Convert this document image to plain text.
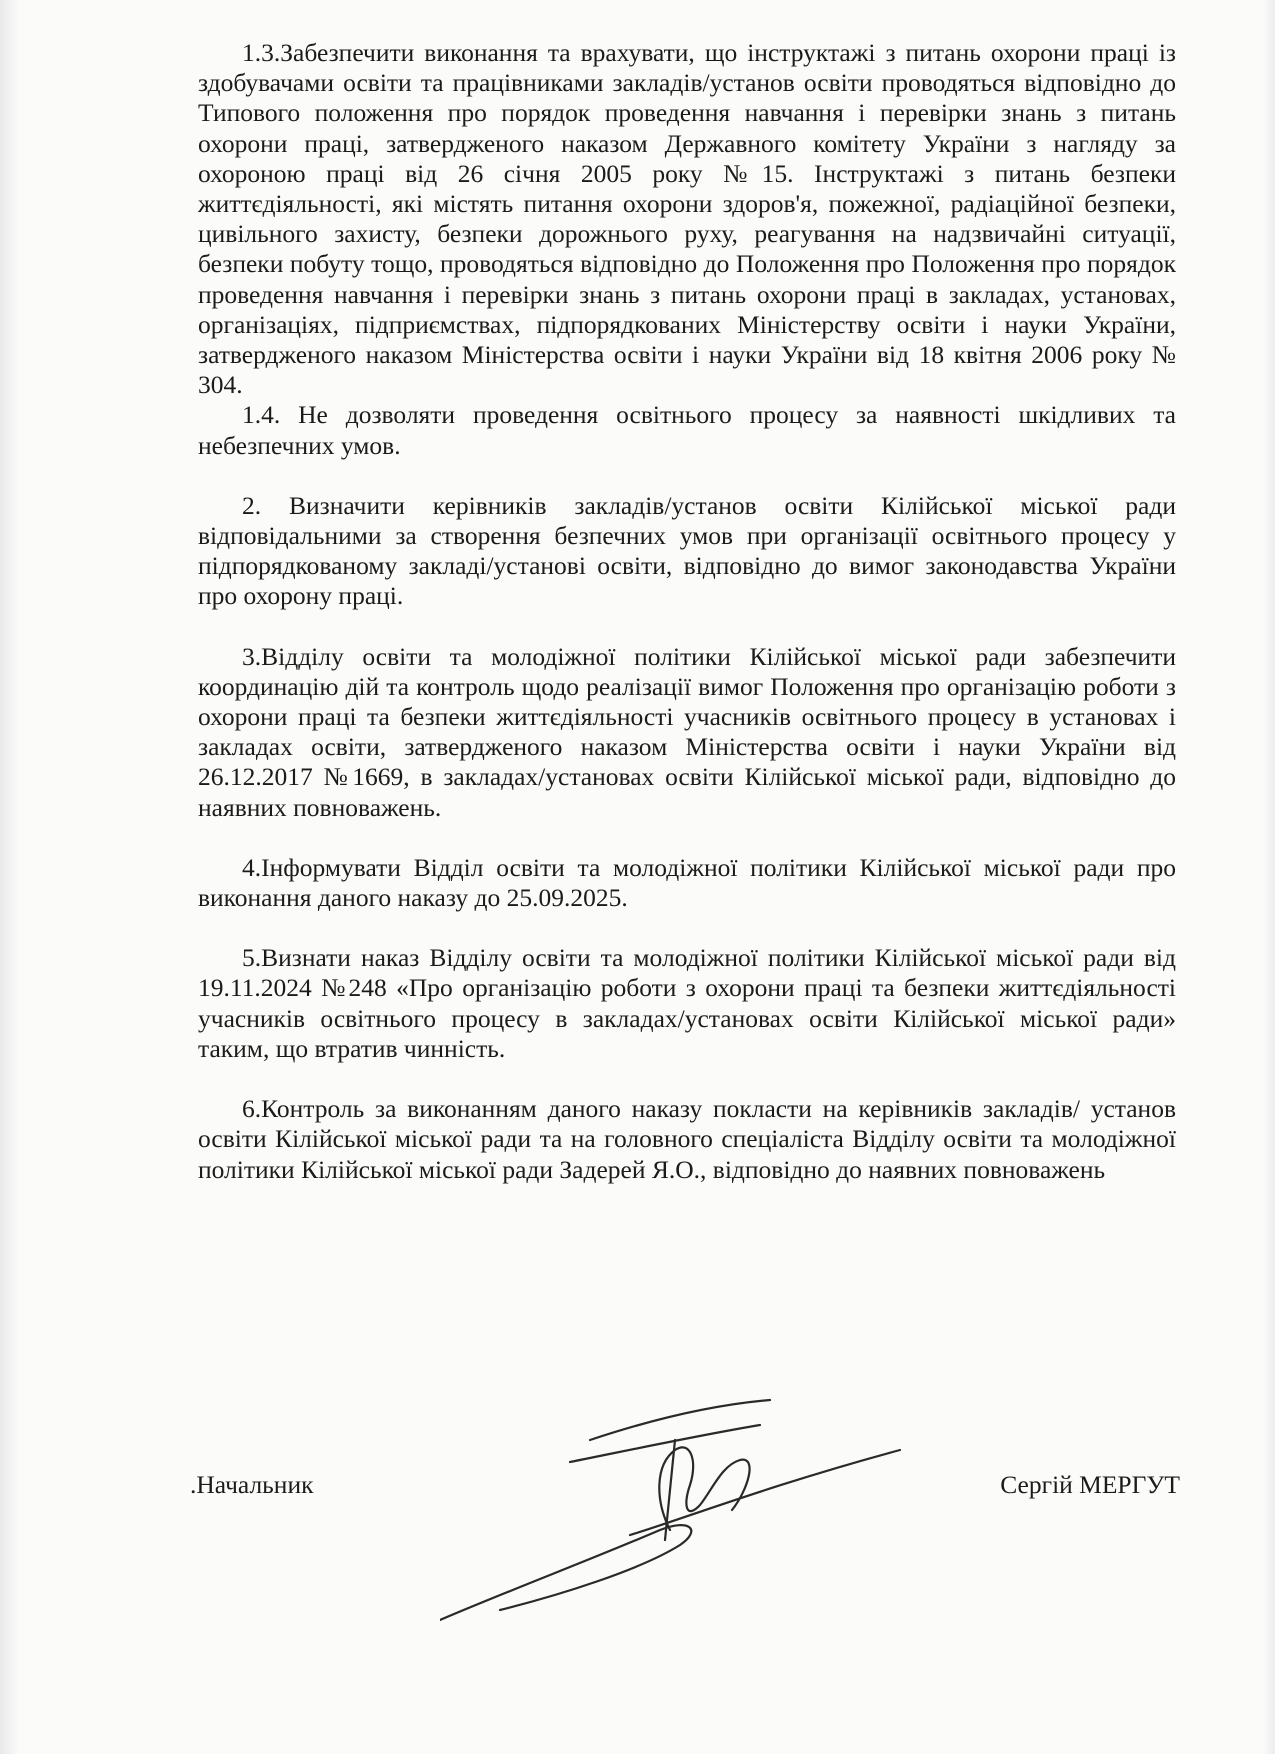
1.3.Забезпечити виконання та врахувати, що інструктажі з питань охорони праці із здобувачами освіти та працівниками закладів/установ освіти проводяться відповідно до Типового положення про порядок проведення навчання і перевірки знань з питань охорони праці, затвердженого наказом Державного комітету України з нагляду за охороною праці від 26 січня 2005 року №15. Інструктажі з питань безпеки життєдіяльності, які містять питання охорони здоров'я, пожежної, радіаційної безпеки, цивільного захисту, безпеки дорожнього руху, реагування на надзвичайні ситуації, безпеки побуту тощо, проводяться відповідно до Положення про Положення про порядок проведення навчання і перевірки знань з питань охорони праці в закладах, установах, організаціях, підприємствах, підпорядкованих Міністерству освіти і науки України, затвердженого наказом Міністерства освіти і науки України від 18 квітня 2006 року № 304.

1.4. Не дозволяти проведення освітнього процесу за наявності шкідливих та небезпечних умов.

2. Визначити керівників закладів/установ освіти Кілійської міської ради відповідальними за створення безпечних умов при організації освітнього процесу у підпорядкованому закладі/установі освіти, відповідно до вимог законодавства України про охорону праці.

3.Відділу освіти та молодіжної політики Кілійської міської ради забезпечити координацію дій та контроль щодо реалізації вимог Положення про організацію роботи з охорони праці та безпеки життєдіяльності учасників освітнього процесу в установах і закладах освіти, затвердженого наказом Міністерства освіти і науки України від 26.12.2017 №1669, в закладах/установах освіти Кілійської міської ради, відповідно до наявних повноважень.

4.Інформувати Відділ освіти та молодіжної політики Кілійської міської ради про виконання даного наказу до 25.09.2025.

5.Визнати наказ Відділу освіти та молодіжної політики Кілійської міської ради від 19.11.2024 №248 «Про організацію роботи з охорони праці та безпеки життєдіяльності учасників освітнього процесу в закладах/установах освіти Кілійської міської ради» таким, що втратив чинність.

6.Контроль за виконанням даного наказу покласти на керівників закладів/ установ освіти Кілійської міської ради та на головного спеціаліста Відділу освіти та молодіжної політики Кілійської міської ради Задерей Я.О., відповідно до наявних повноважень

.Начальник	Сергій МЕРГУТ
